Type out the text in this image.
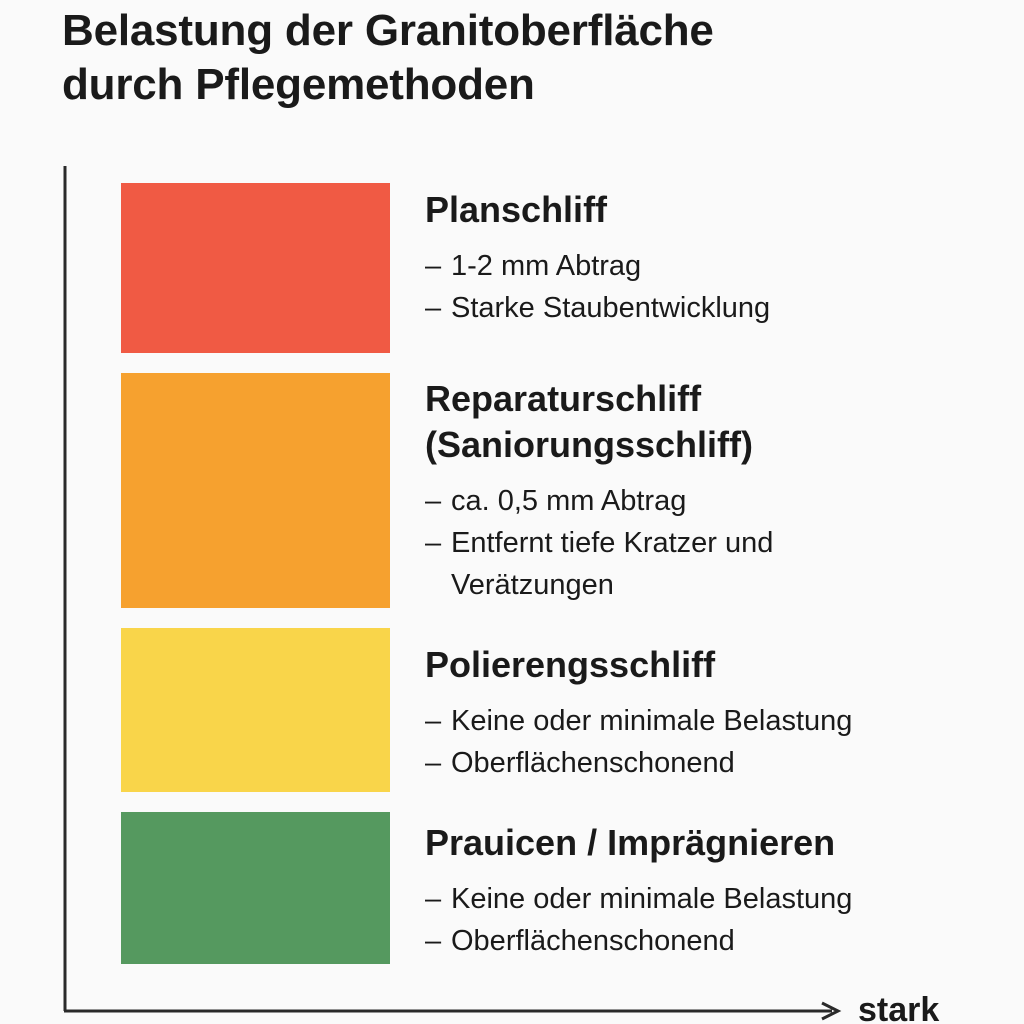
Belastung der Granitoberfläche
durch Pflegemethoden
Planschliff
– 1-2 mm Abtrag
– Starke Staubentwicklung
Reparaturschliff
(Saniorungsschliff)
– ca. 0,5 mm Abtrag
– Entfernt tiefe Kratzer und Verätzungen
Polierengsschliff
– Keine oder minimale Belastung
– Oberflächenschonend
Prauicen / Imprägnieren
– Keine oder minimale Belastung
– Oberflächenschonend
stark
